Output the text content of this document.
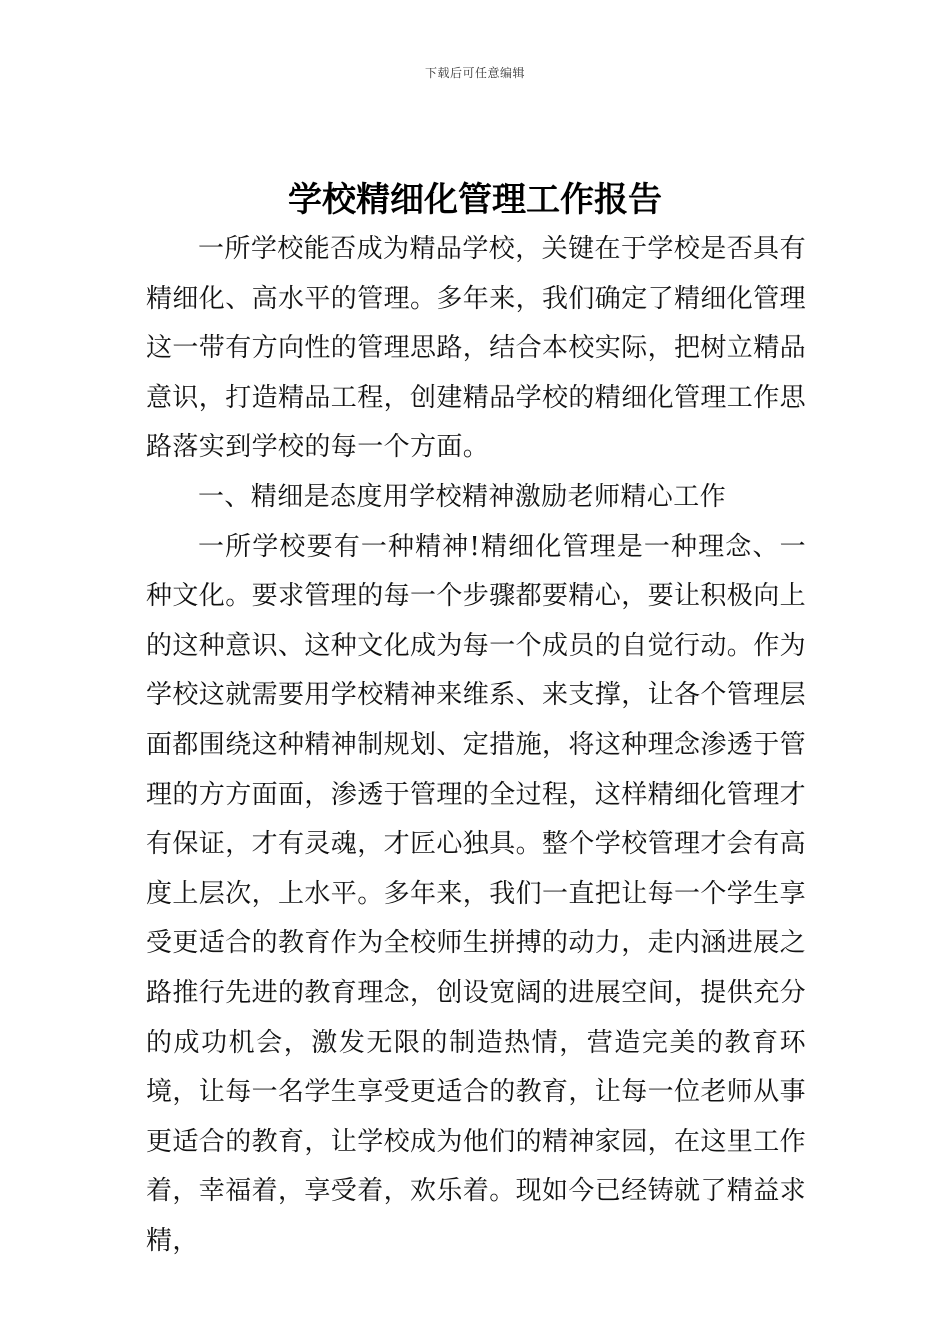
下载后可任意编辑
学校精细化管理工作报告

一所学校能否成为精品学校，关键在于学校是否具有精细化、高水平的管理。多年来，我们确定了精细化管理这一带有方向性的管理思路，结合本校实际，把树立精品意识，打造精品工程，创建精品学校的精细化管理工作思路落实到学校的每一个方面。

一、精细是态度用学校精神激励老师精心工作

一所学校要有一种精神!精细化管理是一种理念、一种文化。要求管理的每一个步骤都要精心，要让积极向上的这种意识、这种文化成为每一个成员的自觉行动。作为学校这就需要用学校精神来维系、来支撑，让各个管理层面都围绕这种精神制规划、定措施，将这种理念渗透于管理的方方面面，渗透于管理的全过程，这样精细化管理才有保证，才有灵魂，才匠心独具。整个学校管理才会有高度上层次，上水平。多年来，我们一直把让每一个学生享受更适合的教育作为全校师生拼搏的动力，走内涵进展之路推行先进的教育理念，创设宽阔的进展空间，提供充分的成功机会，激发无限的制造热情，营造完美的教育环境，让每一名学生享受更适合的教育，让每一位老师从事更适合的教育，让学校成为他们的精神家园，在这里工作着，幸福着，享受着，欢乐着。现如今已经铸就了精益求精，
